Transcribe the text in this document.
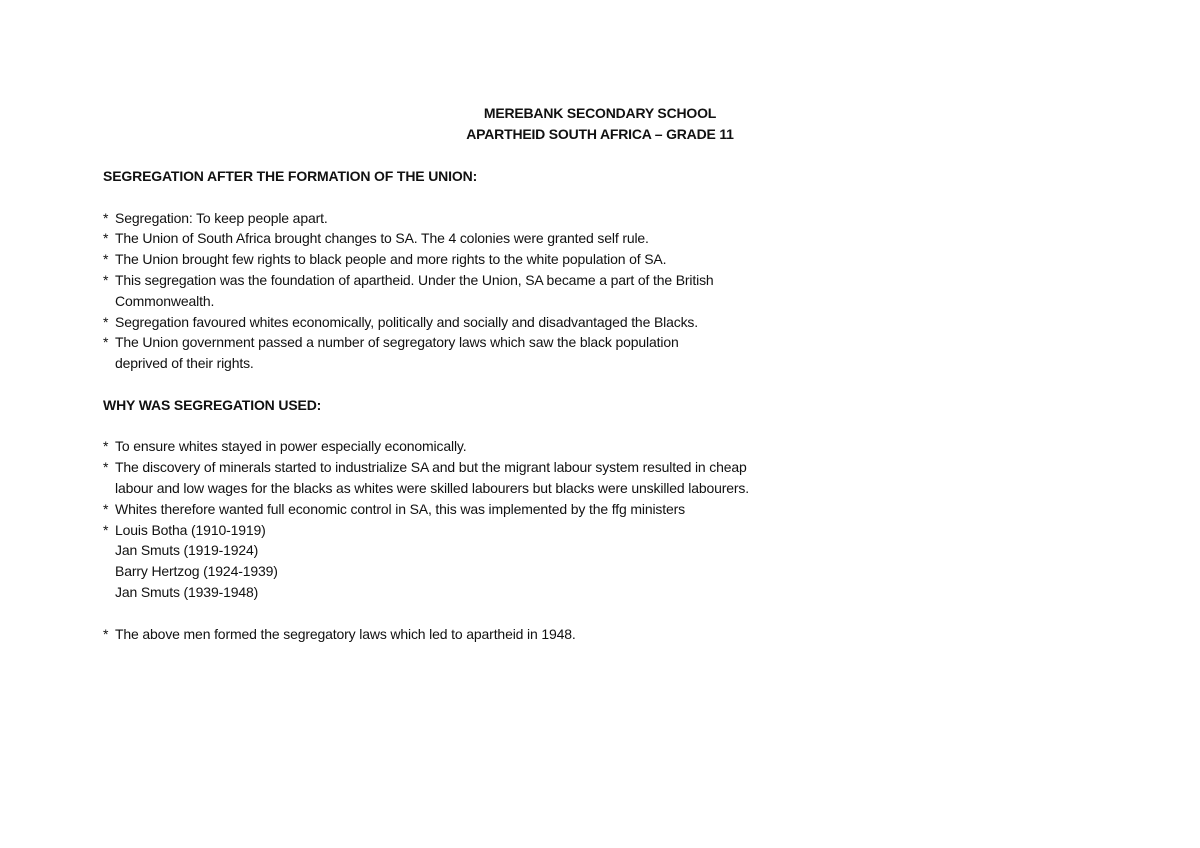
MEREBANK SECONDARY SCHOOL
APARTHEID SOUTH AFRICA – GRADE 11
SEGREGATION AFTER THE FORMATION OF THE UNION:
* Segregation: To keep people apart.
* The Union of South Africa brought changes to SA. The 4 colonies were granted self rule.
* The Union brought few rights to black people and more rights to the white population of SA.
* This segregation was the foundation of apartheid. Under the Union, SA became a part of the British Commonwealth.
* Segregation favoured whites economically, politically and socially and disadvantaged the Blacks.
* The Union government passed a number of segregatory laws which saw the black population deprived of their rights.
WHY WAS SEGREGATION USED:
* To ensure whites stayed in power especially economically.
* The discovery of minerals started to industrialize SA and but the migrant labour system resulted in cheap labour and low wages for the blacks as whites were skilled labourers but blacks were unskilled labourers.
* Whites therefore wanted full economic control in SA, this was implemented by the ffg ministers
* Louis Botha (1910-1919)
Jan Smuts (1919-1924)
Barry Hertzog (1924-1939)
Jan Smuts (1939-1948)
* The above men formed the segregatory laws which led to apartheid in 1948.
